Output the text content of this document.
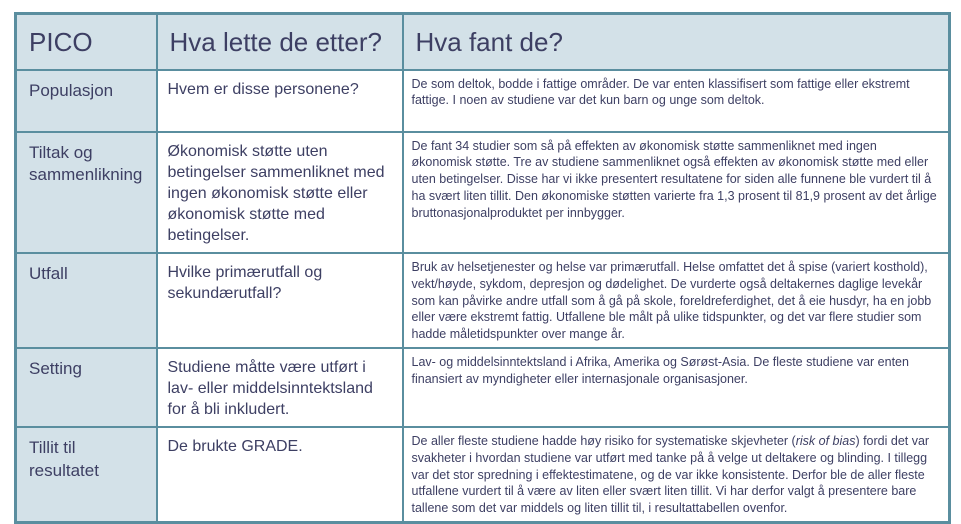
PICO	Hva lette de etter?	Hva fant de?
Populasjon	Hvem er disse personene?	De som deltok, bodde i fattige områder. De var enten klassifisert som fattige eller ekstremt fattige. I noen av studiene var det kun barn og unge som deltok.
Tiltak og sammenlikning	Økonomisk støtte uten betingelser sammenliknet med ingen økonomisk støtte eller økonomisk støtte med betingelser.	De fant 34 studier som så på effekten av økonomisk støtte sammenliknet med ingen økonomisk støtte. Tre av studiene sammenliknet også effekten av økonomisk støtte med eller uten betingelser. Disse har vi ikke presentert resultatene for siden alle funnene ble vurdert til å ha svært liten tillit. Den økonomiske støtten varierte fra 1,3 prosent til 81,9 prosent av det årlige bruttonasjonalproduktet per innbygger.
Utfall	Hvilke primærutfall og sekundærutfall?	Bruk av helsetjenester og helse var primærutfall. Helse omfattet det å spise (variert kosthold), vekt/høyde, sykdom, depresjon og dødelighet. De vurderte også deltakernes daglige levekår som kan påvirke andre utfall som å gå på skole, foreldreferdighet, det å eie husdyr, ha en jobb eller være ekstremt fattig. Utfallene ble målt på ulike tidspunkter, og det var flere studier som hadde måletidspunkter over mange år.
Setting	Studiene måtte være utført i lav- eller middelsinntektsland for å bli inkludert.	Lav- og middelsinntektsland i Afrika, Amerika og Sørøst-Asia. De fleste studiene var enten finansiert av myndigheter eller internasjonale organisasjoner.
Tillit til resultatet	De brukte GRADE.	De aller fleste studiene hadde høy risiko for systematiske skjevheter (risk of bias) fordi det var svakheter i hvordan studiene var utført med tanke på å velge ut deltakere og blinding. I tillegg var det stor spredning i effektestimatene, og de var ikke konsistente. Derfor ble de aller fleste utfallene vurdert til å være av liten eller svært liten tillit. Vi har derfor valgt å presentere bare tallene som det var middels og liten tillit til, i resultattabellen ovenfor.
